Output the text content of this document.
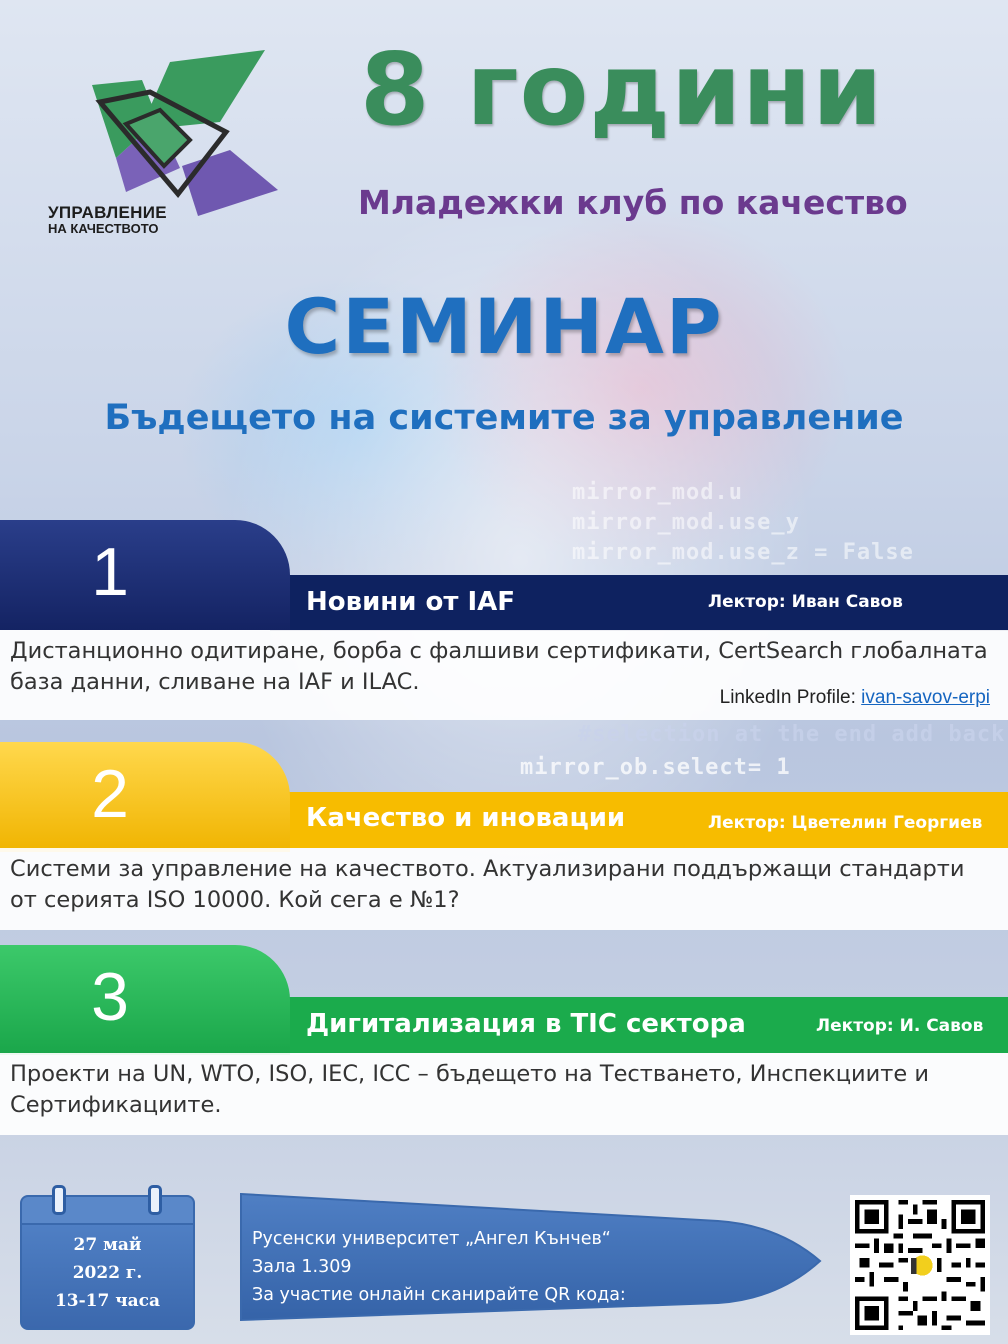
mirror_mod.u
mirror_mod.use_y
mirror_mod.use_z = False
#selection at the end add back
mirror_ob.select= 1
УПРАВЛЕНИЕ
НА КАЧЕСТВОТО
8 години
Младежки клуб по качество
СЕМИНАР
Бъдещето на системите за управление
1	Новини от IAF	Лектор: Иван Савов
Дистанционно одитиране, борба с фалшиви сертификати, CertSearch глобалната база данни, сливане на IAF и ILAC.
LinkedIn Profile: ivan-savov-erpi
2	Качество и иновации	Лектор: Цветелин Георгиев
Системи за управление на качеството. Актуализирани поддържащи стандарти от серията ISO 10000. Кой сега е №1?
3	Дигитализация в TIC сектора	Лектор: И. Савов
Проекти на UN, WTO, ISO, IEC, ICC – бъдещето на Тестването, Инспекциите и Сертификациите.
27 май
2022 г.
13-17 часа
Русенски университет „Ангел Кънчев“
Зала 1.309
За участие онлайн сканирайте QR кода:
